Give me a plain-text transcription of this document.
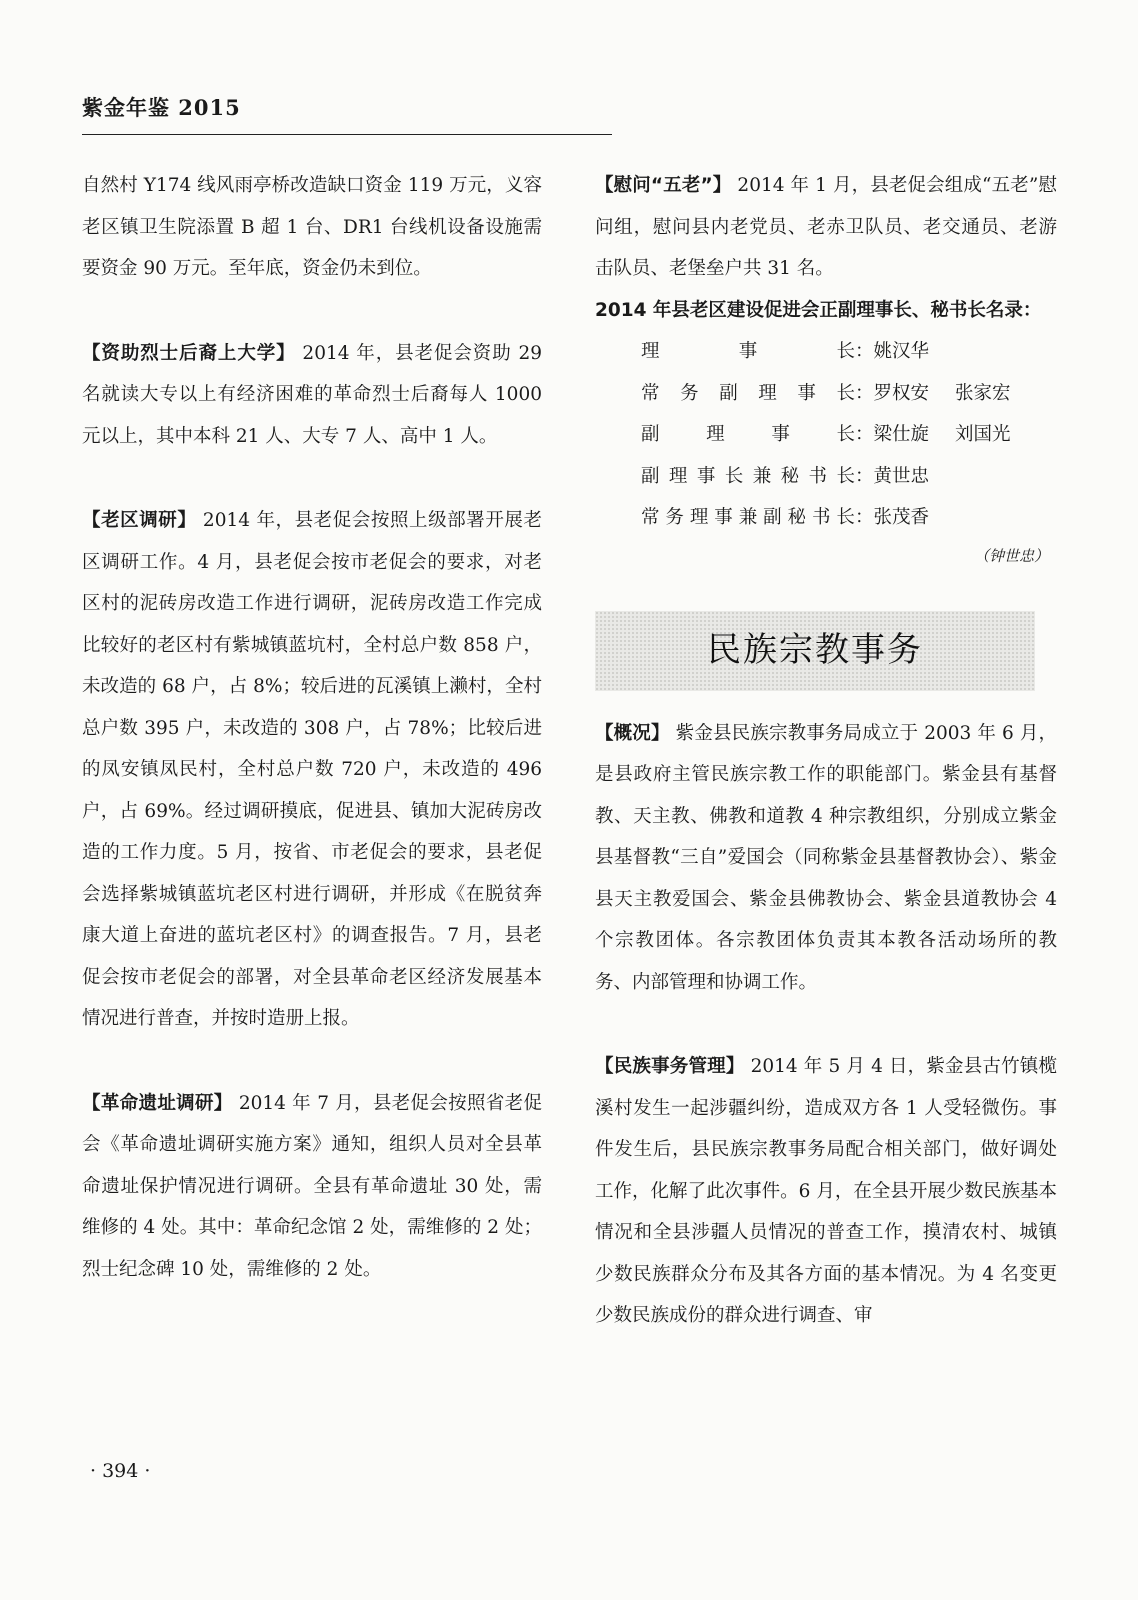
紫金年鉴 2015

自然村 Y174 线风雨亭桥改造缺口资金 119 万元，义容老区镇卫生院添置 B 超 1 台、DR1 台线机设备设施需要资金 90 万元。至年底，资金仍未到位。

【资助烈士后裔上大学】 2014 年，县老促会资助 29 名就读大专以上有经济困难的革命烈士后裔每人 1000 元以上，其中本科 21 人、大专 7 人、高中 1 人。

【老区调研】 2014 年，县老促会按照上级部署开展老区调研工作。4 月，县老促会按市老促会的要求，对老区村的泥砖房改造工作进行调研，泥砖房改造工作完成比较好的老区村有紫城镇蓝坑村，全村总户数 858 户，未改造的 68 户，占 8%；较后进的瓦溪镇上濑村，全村总户数 395 户，未改造的 308 户，占 78%；比较后进的凤安镇凤民村，全村总户数 720 户，未改造的 496 户，占 69%。经过调研摸底，促进县、镇加大泥砖房改造的工作力度。5 月，按省、市老促会的要求，县老促会选择紫城镇蓝坑老区村进行调研，并形成《在脱贫奔康大道上奋进的蓝坑老区村》的调查报告。7 月，县老促会按市老促会的部署，对全县革命老区经济发展基本情况进行普查，并按时造册上报。

【革命遗址调研】 2014 年 7 月，县老促会按照省老促会《革命遗址调研实施方案》通知，组织人员对全县革命遗址保护情况进行调研。全县有革命遗址 30 处，需维修的 4 处。其中：革命纪念馆 2 处，需维修的 2 处；烈士纪念碑 10 处，需维修的 2 处。

【慰问“五老”】 2014 年 1 月，县老促会组成“五老”慰问组，慰问县内老党员、老赤卫队员、老交通员、老游击队员、老堡垒户共 31 名。

2014 年县老区建设促进会正副理事长、秘书长名录：
理	事	长 ： 姚汉华
常 务 副 理 事 长 ： 罗权安 张家宏
副	理	事	长 ： 梁仕旋 刘国光
副 理 事 长 兼 秘 书 长 ： 黄世忠
常 务 理 事 兼 副 秘 书 长 ： 张茂香
（钟世忠）
民族宗教事务

【概况】 紫金县民族宗教事务局成立于 2003 年 6 月，是县政府主管民族宗教工作的职能部门。紫金县有基督教、天主教、佛教和道教 4 种宗教组织，分别成立紫金县基督教“三自”爱国会（同称紫金县基督教协会）、紫金县天主教爱国会、紫金县佛教协会、紫金县道教协会 4 个宗教团体。各宗教团体负责其本教各活动场所的教务、内部管理和协调工作。

【民族事务管理】 2014 年 5 月 4 日，紫金县古竹镇榄溪村发生一起涉疆纠纷，造成双方各 1 人受轻微伤。事件发生后，县民族宗教事务局配合相关部门，做好调处工作，化解了此次事件。6 月，在全县开展少数民族基本情况和全县涉疆人员情况的普查工作，摸清农村、城镇少数民族群众分布及其各方面的基本情况。为 4 名变更少数民族成份的群众进行调查、审

· 394 ·
